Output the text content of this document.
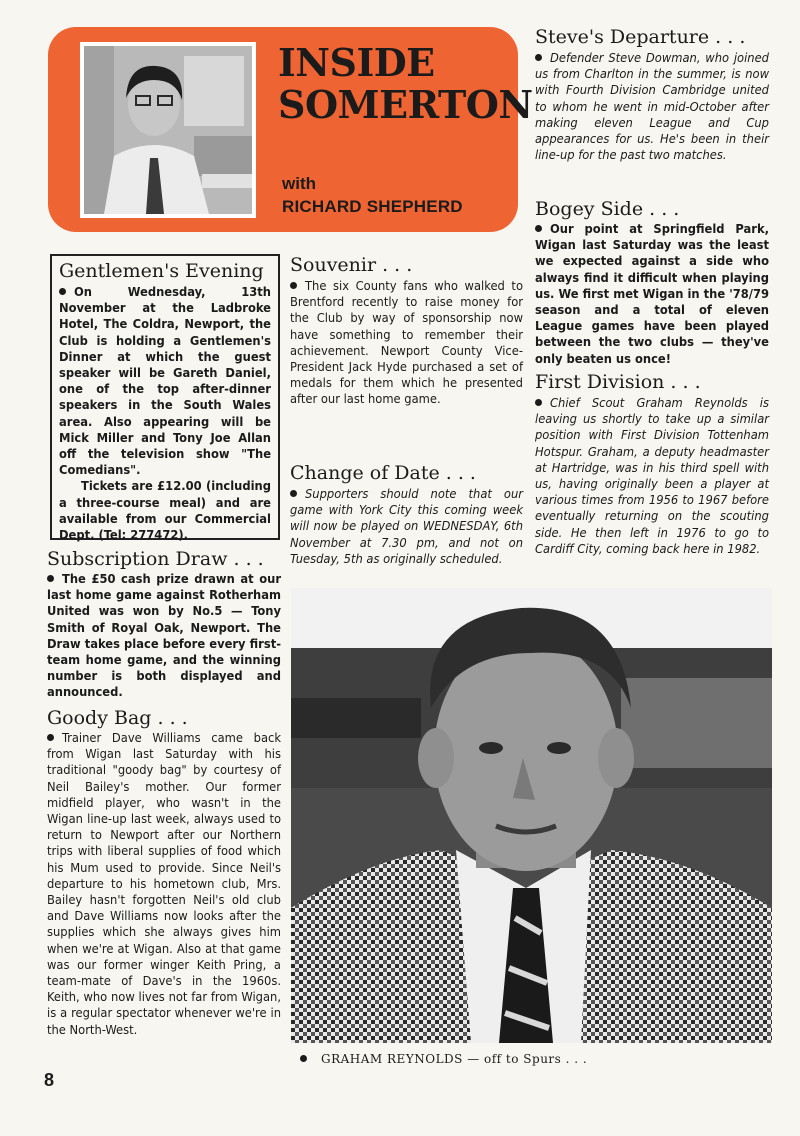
INSIDE
SOMERTON
with
RICHARD SHEPHERD
Gentlemen's Evening

On Wednesday, 13th November at the Ladbroke Hotel, The Coldra, Newport, the Club is holding a Gentlemen's Dinner at which the guest speaker will be Gareth Daniel, one of the top after-dinner speakers in the South Wales area. Also appearing will be Mick Miller and Tony Joe Allan off the television show "The Comedians".

Tickets are £12.00 (including a three-course meal) and are available from our Commercial Dept. (Tel: 277472).

Subscription Draw . . .

The £50 cash prize drawn at our last home game against Rotherham United was won by No.5 — Tony Smith of Royal Oak, Newport. The Draw takes place before every first-team home game, and the winning number is both displayed and announced.

Goody Bag . . .

Trainer Dave Williams came back from Wigan last Saturday with his traditional "goody bag" by courtesy of Neil Bailey's mother. Our former midfield player, who wasn't in the Wigan line-up last week, always used to return to Newport after our Northern trips with liberal supplies of food which his Mum used to provide. Since Neil's departure to his hometown club, Mrs. Bailey hasn't forgotten Neil's old club and Dave Williams now looks after the supplies which she always gives him when we're at Wigan. Also at that game was our former winger Keith Pring, a team-mate of Dave's in the 1960s. Keith, who now lives not far from Wigan, is a regular spectator whenever we're in the North-West.

Souvenir . . .

The six County fans who walked to Brentford recently to raise money for the Club by way of sponsorship now have something to remember their achievement. Newport County Vice-President Jack Hyde purchased a set of medals for them which he presented after our last home game.

Change of Date . . .

Supporters should note that our game with York City this coming week will now be played on WEDNESDAY, 6th November at 7.30 pm, and not on Tuesday, 5th as originally scheduled.

Steve's Departure . . .

Defender Steve Dowman, who joined us from Charlton in the summer, is now with Fourth Division Cambridge united to whom he went in mid-October after making eleven League and Cup appearances for us. He's been in their line-up for the past two matches.

Bogey Side . . .

Our point at Springfield Park, Wigan last Saturday was the least we expected against a side who always find it difficult when playing us. We first met Wigan in the '78/79 season and a total of eleven League games have been played between the two clubs — they've only beaten us once!

First Division . . .

Chief Scout Graham Reynolds is leaving us shortly to take up a similar position with First Division Tottenham Hotspur. Graham, a deputy headmaster at Hartridge, was in his third spell with us, having originally been a player at various times from 1956 to 1967 before eventually returning on the scouting side. He then left in 1976 to go to Cardiff City, coming back here in 1982.

GRAHAM REYNOLDS — off to Spurs . . .
8
